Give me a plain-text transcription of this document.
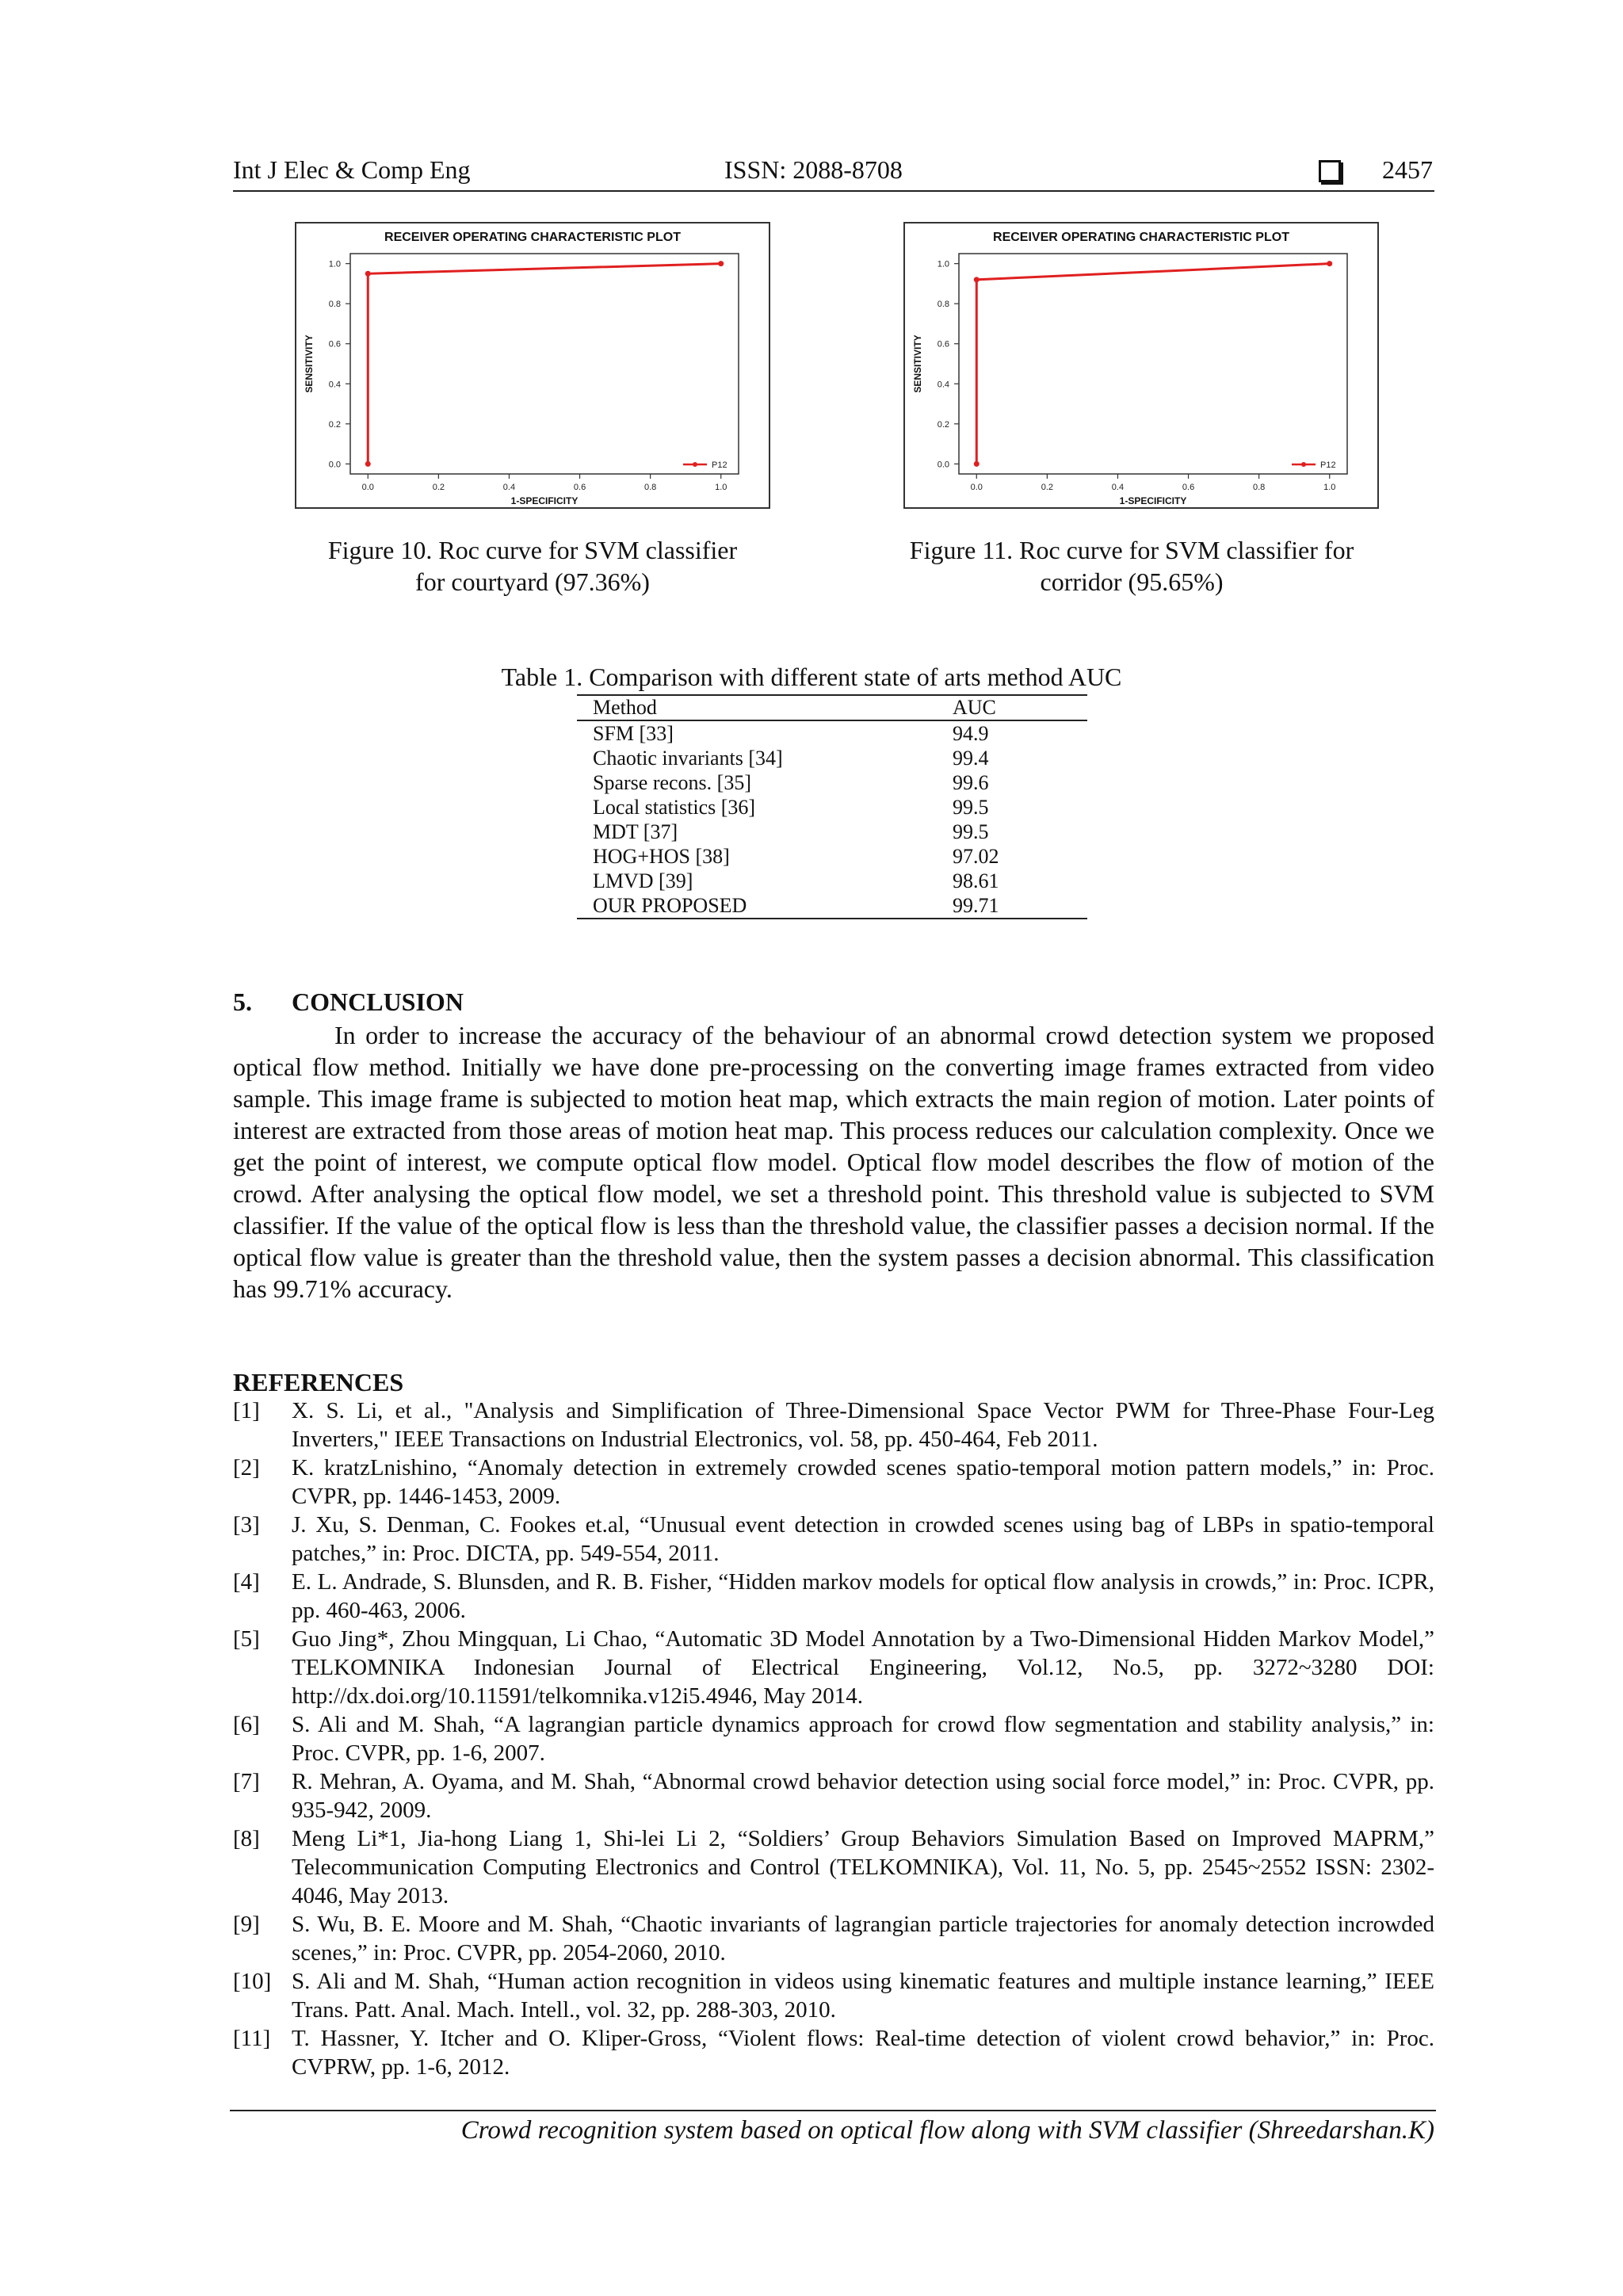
Int J Elec & Comp Eng	ISSN: 2088-8708	2457
RECEIVER OPERATING CHARACTERISTIC PLOT
0.0	0.2	0.4	0.6	0.8	1.0
0.0
0.2
0.4
0.6
0.8
1.0
1-SPECIFICITY
SENSITIVITY
P12
RECEIVER OPERATING CHARACTERISTIC PLOT
0.0	0.2	0.4	0.6	0.8	1.0
0.0
0.2
0.4
0.6
0.8
1.0
1-SPECIFICITY
SENSITIVITY
P12
Figure 10. Roc curve for SVM classifier
for courtyard (97.36%)
Figure 11. Roc curve for SVM classifier for
corridor (95.65%)
Table 1. Comparison with different state of arts method AUC
Method	AUC
SFM [33]	94.9
Chaotic invariants [34]	99.4
Sparse recons. [35]	99.6
Local statistics [36]	99.5
MDT [37]	99.5
HOG+HOS [38]	97.02
LMVD [39]	98.61
OUR PROPOSED	99.71
5. CONCLUSION

In order to increase the accuracy of the behaviour of an abnormal crowd detection system we proposed optical flow method. Initially we have done pre-processing on the converting image frames extracted from video sample. This image frame is subjected to motion heat map, which extracts the main region of motion. Later points of interest are extracted from those areas of motion heat map. This process reduces our calculation complexity. Once we get the point of interest, we compute optical flow model. Optical flow model describes the flow of motion of the crowd. After analysing the optical flow model, we set a threshold point. This threshold value is subjected to SVM classifier. If the value of the optical flow is less than the threshold value, the classifier passes a decision normal. If the optical flow value is greater than the threshold value, then the system passes a decision abnormal. This classification has 99.71% accuracy.

REFERENCES
[1] X. S. Li, et al., "Analysis and Simplification of Three-Dimensional Space Vector PWM for Three-Phase Four-Leg Inverters," IEEE Transactions on Industrial Electronics, vol. 58, pp. 450-464, Feb 2011.
[2] K. kratzLnishino, “Anomaly detection in extremely crowded scenes spatio-temporal motion pattern models,” in: Proc. CVPR, pp. 1446-1453, 2009.
[3] J. Xu, S. Denman, C. Fookes et.al, “Unusual event detection in crowded scenes using bag of LBPs in spatio-temporal patches,” in: Proc. DICTA, pp. 549-554, 2011.
[4] E. L. Andrade, S. Blunsden, and R. B. Fisher, “Hidden markov models for optical flow analysis in crowds,” in: Proc. ICPR, pp. 460-463, 2006.
[5] Guo Jing*, Zhou Mingquan, Li Chao, “Automatic 3D Model Annotation by a Two-Dimensional Hidden Markov Model,” TELKOMNIKA Indonesian Journal of Electrical Engineering, Vol.12, No.5, pp. 3272~3280 DOI: http://dx.doi.org/10.11591/telkomnika.v12i5.4946, May 2014.
[6] S. Ali and M. Shah, “A lagrangian particle dynamics approach for crowd flow segmentation and stability analysis,” in: Proc. CVPR, pp. 1-6, 2007.
[7] R. Mehran, A. Oyama, and M. Shah, “Abnormal crowd behavior detection using social force model,” in: Proc. CVPR, pp. 935-942, 2009.
[8] Meng Li*1, Jia-hong Liang 1, Shi-lei Li 2, “Soldiers’ Group Behaviors Simulation Based on Improved MAPRM,” Telecommunication Computing Electronics and Control (TELKOMNIKA), Vol. 11, No. 5, pp. 2545~2552 ISSN: 2302-4046, May 2013.
[9] S. Wu, B. E. Moore and M. Shah, “Chaotic invariants of lagrangian particle trajectories for anomaly detection incrowded scenes,” in: Proc. CVPR, pp. 2054-2060, 2010.
[10] S. Ali and M. Shah, “Human action recognition in videos using kinematic features and multiple instance learning,” IEEE Trans. Patt. Anal. Mach. Intell., vol. 32, pp. 288-303, 2010.
[11] T. Hassner, Y. Itcher and O. Kliper-Gross, “Violent flows: Real-time detection of violent crowd behavior,” in: Proc. CVPRW, pp. 1-6, 2012.
Crowd recognition system based on optical flow along with SVM classifier (Shreedarshan.K)
